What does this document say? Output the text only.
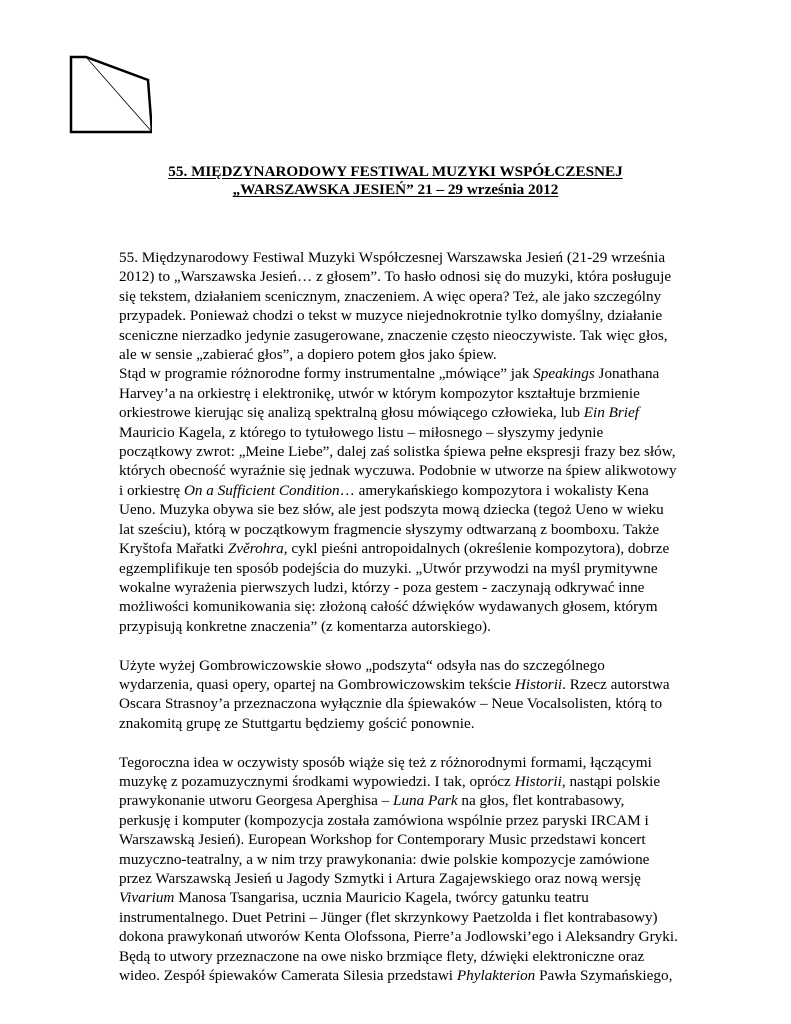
55. MIĘDZYNARODOWY FESTIWAL MUZYKI WSPÓŁCZESNEJ
„WARSZAWSKA JESIEŃ” 21 – 29 września 2012
55. Międzynarodowy Festiwal Muzyki Współczesnej Warszawska Jesień (21-29 września
2012) to „Warszawska Jesień… z głosem”. To hasło odnosi się do muzyki, która posługuje
się tekstem, działaniem scenicznym, znaczeniem. A więc opera? Też, ale jako szczególny
przypadek. Ponieważ chodzi o tekst w muzyce niejednokrotnie tylko domyślny, działanie
sceniczne nierzadko jedynie zasugerowane, znaczenie często nieoczywiste. Tak więc głos,
ale w sensie „zabierać głos”, a dopiero potem głos jako śpiew.
Stąd w programie różnorodne formy instrumentalne „mówiące” jak Speakings Jonathana
Harvey’a na orkiestrę i elektronikę, utwór w którym kompozytor kształtuje brzmienie
orkiestrowe kierując się analizą spektralną głosu mówiącego człowieka, lub Ein Brief
Mauricio Kagela, z którego to tytułowego listu – miłosnego – słyszymy jedynie
początkowy zwrot: „Meine Liebe”, dalej zaś solistka śpiewa pełne ekspresji frazy bez słów,
których obecność wyraźnie się jednak wyczuwa. Podobnie w utworze na śpiew alikwotowy
i orkiestrę On a Sufficient Condition… amerykańskiego kompozytora i wokalisty Kena
Ueno. Muzyka obywa sie bez słów, ale jest podszyta mową dziecka (tegoż Ueno w wieku
lat sześciu), którą w początkowym fragmencie słyszymy odtwarzaną z boomboxu. Także
Kryštofa Mařatki Zvěrohra, cykl pieśni antropoidalnych (określenie kompozytora), dobrze
egzemplifikuje ten sposób podejścia do muzyki. „Utwór przywodzi na myśl prymitywne
wokalne wyrażenia pierwszych ludzi, którzy - poza gestem - zaczynają odkrywać inne
możliwości komunikowania się: złożoną całość dźwięków wydawanych głosem, którym
przypisują konkretne znaczenia” (z komentarza autorskiego).
Użyte wyżej Gombrowiczowskie słowo „podszyta“ odsyła nas do szczególnego
wydarzenia, quasi opery, opartej na Gombrowiczowskim tekście Historii. Rzecz autorstwa
Oscara Strasnoy’a przeznaczona wyłącznie dla śpiewaków – Neue Vocalsolisten, którą to
znakomitą grupę ze Stuttgartu będziemy gościć ponownie.
Tegoroczna idea w oczywisty sposób wiąże się też z różnorodnymi formami, łączącymi
muzykę z pozamuzycznymi środkami wypowiedzi. I tak, oprócz Historii, nastąpi polskie
prawykonanie utworu Georgesa Aperghisa – Luna Park na głos, flet kontrabasowy,
perkusję i komputer (kompozycja została zamówiona wspólnie przez paryski IRCAM i
Warszawską Jesień). European Workshop for Contemporary Music przedstawi koncert
muzyczno-teatralny, a w nim trzy prawykonania: dwie polskie kompozycje zamówione
przez Warszawską Jesień u Jagody Szmytki i Artura Zagajewskiego oraz nową wersję
Vivarium Manosa Tsangarisa, ucznia Mauricio Kagela, twórcy gatunku teatru
instrumentalnego. Duet Petrini – Jünger (flet skrzynkowy Paetzolda i flet kontrabasowy)
dokona prawykonań utworów Kenta Olofssona, Pierre’a Jodlowski’ego i Aleksandry Gryki.
Będą to utwory przeznaczone na owe nisko brzmiące flety, dźwięki elektroniczne oraz
wideo. Zespół śpiewaków Camerata Silesia przedstawi Phylakterion Pawła Szymańskiego,
